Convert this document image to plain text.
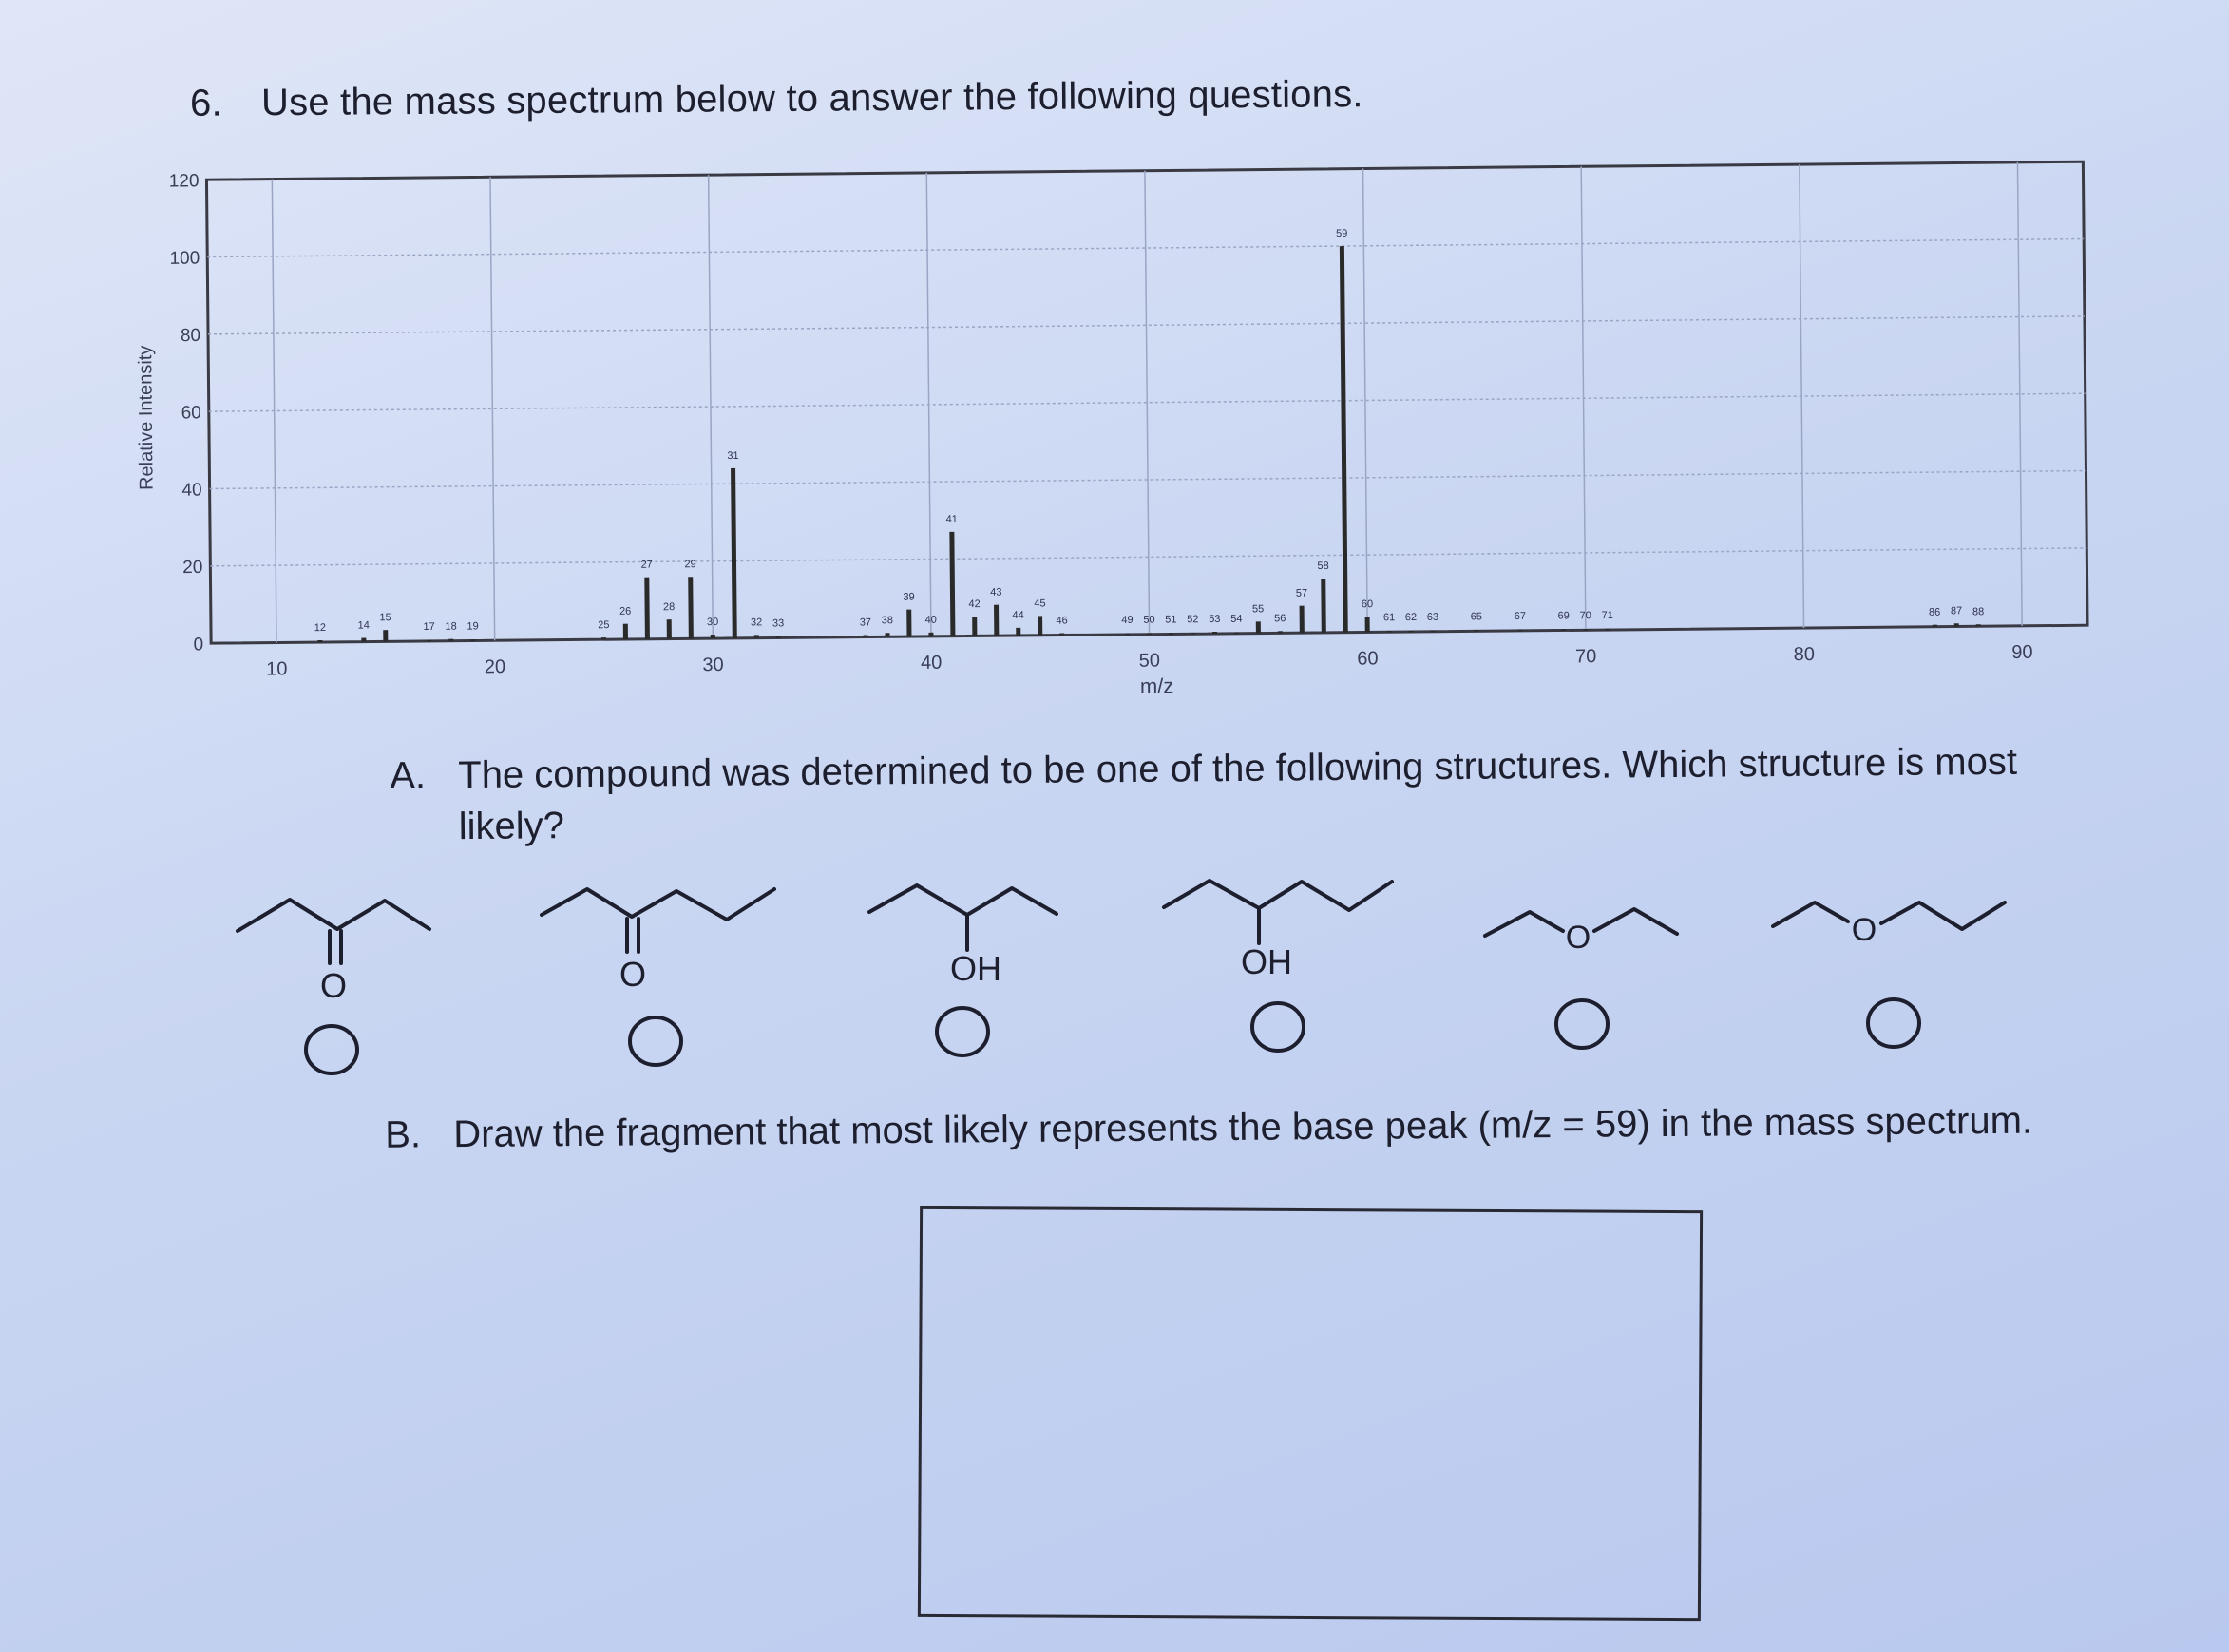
6. Use the mass spectrum below to answer the following questions.
0
20
40
60
80
100
120
10	20	30	40	50	60	70	80	90
12	14
15
17 18 19	25
26
27
28
29
30
31
32 33	37 38
39
40
41
42
43
44
45
46	49 50 51 52 53 54
55
56
57
58
59
60
61 62 63	65	67	69 70 71	86 87 88
Relative Intensity
m/z
A. The compound was determined to be one of the following structures. Which structure is most likely?
O	O	OH	OH
O	O
B. Draw the fragment that most likely represents the base peak (m/z = 59) in the mass spectrum.
